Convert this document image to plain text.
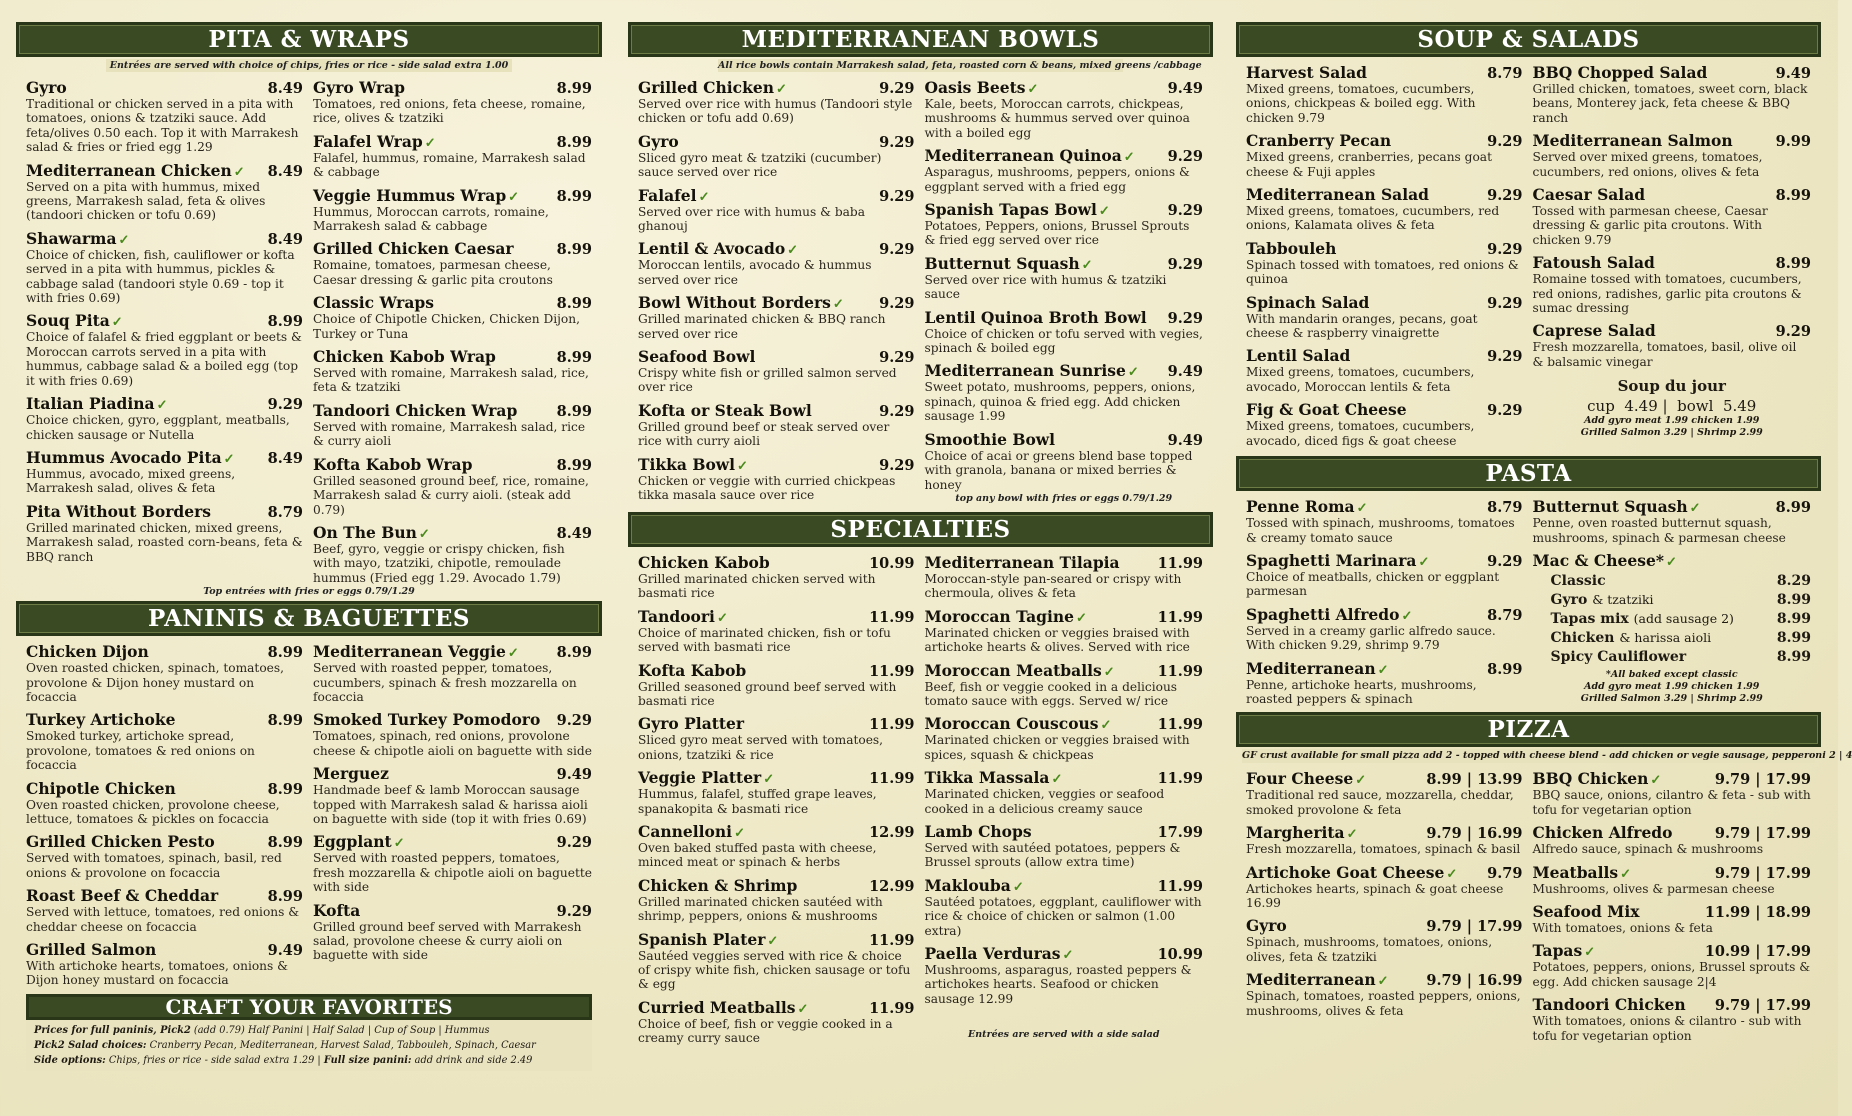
PITA & WRAPS
Entrées are served with choice of chips, fries or rice - side salad extra 1.00
Gyro	8.49
Traditional or chicken served in a pita with tomatoes, onions & tzatziki sauce. Add feta/olives 0.50 each. Top it with Marrakesh salad & fries or fried egg 1.29
Mediterranean Chicken ✓	8.49
Served on a pita with hummus, mixed greens, Marrakesh salad, feta & olives (tandoori chicken or tofu 0.69)
Shawarma ✓	8.49
Choice of chicken, fish, cauliflower or kofta served in a pita with hummus, pickles & cabbage salad (tandoori style 0.69 - top it with fries 0.69)
Souq Pita ✓	8.99
Choice of falafel & fried eggplant or beets & Moroccan carrots served in a pita with hummus, cabbage salad & a boiled egg (top it with fries 0.69)
Italian Piadina ✓	9.29
Choice chicken, gyro, eggplant, meatballs, chicken sausage or Nutella
Hummus Avocado Pita ✓	8.49
Hummus, avocado, mixed greens, Marrakesh salad, olives & feta
Pita Without Borders	8.79
Grilled marinated chicken, mixed greens, Marrakesh salad, roasted corn-beans, feta & BBQ ranch
Gyro Wrap	8.99
Tomatoes, red onions, feta cheese, romaine, rice, olives & tzatziki
Falafel Wrap ✓	8.99
Falafel, hummus, romaine, Marrakesh salad & cabbage
Veggie Hummus Wrap ✓	8.99
Hummus, Moroccan carrots, romaine, Marrakesh salad & cabbage
Grilled Chicken Caesar	8.99
Romaine, tomatoes, parmesan cheese, Caesar dressing & garlic pita croutons
Classic Wraps	8.99
Choice of Chipotle Chicken, Chicken Dijon, Turkey or Tuna
Chicken Kabob Wrap	8.99
Served with romaine, Marrakesh salad, rice, feta & tzatziki
Tandoori Chicken Wrap	8.99
Served with romaine, Marrakesh salad, rice & curry aioli
Kofta Kabob Wrap	8.99
Grilled seasoned ground beef, rice, romaine, Marrakesh salad & curry aioli. (steak add 0.79)
On The Bun ✓	8.49
Beef, gyro, veggie or crispy chicken, fish with mayo, tzatziki, chipotle, remoulade hummus (Fried egg 1.29. Avocado 1.79)
Top entrées with fries or eggs 0.79/1.29
PANINIS & BAGUETTES
Chicken Dijon	8.99
Oven roasted chicken, spinach, tomatoes, provolone & Dijon honey mustard on focaccia
Turkey Artichoke	8.99
Smoked turkey, artichoke spread, provolone, tomatoes & red onions on focaccia
Chipotle Chicken	8.99
Oven roasted chicken, provolone cheese, lettuce, tomatoes & pickles on focaccia
Grilled Chicken Pesto	8.99
Served with tomatoes, spinach, basil, red onions & provolone on focaccia
Roast Beef & Cheddar	8.99
Served with lettuce, tomatoes, red onions & cheddar cheese on focaccia
Grilled Salmon	9.49
With artichoke hearts, tomatoes, onions & Dijon honey mustard on focaccia
Mediterranean Veggie ✓	8.99
Served with roasted pepper, tomatoes, cucumbers, spinach & fresh mozzarella on focaccia
Smoked Turkey Pomodoro	9.29
Tomatoes, spinach, red onions, provolone cheese & chipotle aioli on baguette with side
Merguez	9.49
Handmade beef & lamb Moroccan sausage topped with Marrakesh salad & harissa aioli on baguette with side (top it with fries 0.69)
Eggplant ✓	9.29
Served with roasted peppers, tomatoes, fresh mozzarella & chipotle aioli on baguette with side
Kofta	9.29
Grilled ground beef served with Marrakesh salad, provolone cheese & curry aioli on baguette with side
CRAFT YOUR FAVORITES
Prices for full paninis, Pick2 (add 0.79) Half Panini | Half Salad | Cup of Soup | Hummus
Pick2 Salad choices: Cranberry Pecan, Mediterranean, Harvest Salad, Tabbouleh, Spinach, Caesar
Side options: Chips, fries or rice - side salad extra 1.29 | Full size panini: add drink and side 2.49
MEDITERRANEAN BOWLS
All rice bowls contain Marrakesh salad, feta, roasted corn & beans, mixed greens /cabbage
Grilled Chicken ✓	9.29
Served over rice with humus (Tandoori style chicken or tofu add 0.69)
Gyro	9.29
Sliced gyro meat & tzatziki (cucumber) sauce served over rice
Falafel ✓	9.29
Served over rice with humus & baba ghanouj
Lentil & Avocado ✓	9.29
Moroccan lentils, avocado & hummus served over rice
Bowl Without Borders ✓	9.29
Grilled marinated chicken & BBQ ranch served over rice
Seafood Bowl	9.29
Crispy white fish or grilled salmon served over rice
Kofta or Steak Bowl	9.29
Grilled ground beef or steak served over rice with curry aioli
Tikka Bowl ✓	9.29
Chicken or veggie with curried chickpeas tikka masala sauce over rice
Oasis Beets ✓	9.49
Kale, beets, Moroccan carrots, chickpeas, mushrooms & hummus served over quinoa with a boiled egg
Mediterranean Quinoa ✓	9.29
Asparagus, mushrooms, peppers, onions & eggplant served with a fried egg
Spanish Tapas Bowl ✓	9.29
Potatoes, Peppers, onions, Brussel Sprouts & fried egg served over rice
Butternut Squash ✓	9.29
Served over rice with humus & tzatziki sauce
Lentil Quinoa Broth Bowl	9.29
Choice of chicken or tofu served with vegies, spinach & boiled egg
Mediterranean Sunrise ✓	9.49
Sweet potato, mushrooms, peppers, onions, spinach, quinoa & fried egg. Add chicken sausage 1.99
Smoothie Bowl	9.49
Choice of acai or greens blend base topped with granola, banana or mixed berries & honey
top any bowl with fries or eggs 0.79/1.29
SPECIALTIES
Chicken Kabob	10.99
Grilled marinated chicken served with basmati rice
Tandoori ✓	11.99
Choice of marinated chicken, fish or tofu served with basmati rice
Kofta Kabob	11.99
Grilled seasoned ground beef served with basmati rice
Gyro Platter	11.99
Sliced gyro meat served with tomatoes, onions, tzatziki & rice
Veggie Platter ✓	11.99
Hummus, falafel, stuffed grape leaves, spanakopita & basmati rice
Cannelloni ✓	12.99
Oven baked stuffed pasta with cheese, minced meat or spinach & herbs
Chicken & Shrimp	12.99
Grilled marinated chicken sautéed with shrimp, peppers, onions & mushrooms
Spanish Plater ✓	11.99
Sautéed veggies served with rice & choice of crispy white fish, chicken sausage or tofu & egg
Curried Meatballs ✓	11.99
Choice of beef, fish or veggie cooked in a creamy curry sauce
Mediterranean Tilapia	11.99
Moroccan-style pan-seared or crispy with chermoula, olives & feta
Moroccan Tagine ✓	11.99
Marinated chicken or veggies braised with artichoke hearts & olives. Served with rice
Moroccan Meatballs ✓	11.99
Beef, fish or veggie cooked in a delicious tomato sauce with eggs. Served w/ rice
Moroccan Couscous ✓	11.99
Marinated chicken or veggies braised with spices, squash & chickpeas
Tikka Massala ✓	11.99
Marinated chicken, veggies or seafood cooked in a delicious creamy sauce
Lamb Chops	17.99
Served with sautéed potatoes, peppers & Brussel sprouts (allow extra time)
Maklouba ✓	11.99
Sautéed potatoes, eggplant, cauliflower with rice & choice of chicken or salmon (1.00 extra)
Paella Verduras ✓	10.99
Mushrooms, asparagus, roasted peppers & artichokes hearts. Seafood or chicken sausage 12.99
Entrées are served with a side salad
SOUP & SALADS
Harvest Salad	8.79
Mixed greens, tomatoes, cucumbers, onions, chickpeas & boiled egg. With chicken 9.79
Cranberry Pecan	9.29
Mixed greens, cranberries, pecans goat cheese & Fuji apples
Mediterranean Salad	9.29
Mixed greens, tomatoes, cucumbers, red onions, Kalamata olives & feta
Tabbouleh	9.29
Spinach tossed with tomatoes, red onions & quinoa
Spinach Salad	9.29
With mandarin oranges, pecans, goat cheese & raspberry vinaigrette
Lentil Salad	9.29
Mixed greens, tomatoes, cucumbers, avocado, Moroccan lentils & feta
Fig & Goat Cheese	9.29
Mixed greens, tomatoes, cucumbers, avocado, diced figs & goat cheese
BBQ Chopped Salad	9.49
Grilled chicken, tomatoes, sweet corn, black beans, Monterey jack, feta cheese & BBQ ranch
Mediterranean Salmon	9.99
Served over mixed greens, tomatoes, cucumbers, red onions, olives & feta
Caesar Salad	8.99
Tossed with parmesan cheese, Caesar dressing & garlic pita croutons. With chicken 9.79
Fatoush Salad	8.99
Romaine tossed with tomatoes, cucumbers, red onions, radishes, garlic pita croutons & sumac dressing
Caprese Salad	9.29
Fresh mozzarella, tomatoes, basil, olive oil & balsamic vinegar
Soup du jour
cup 4.49 |  bowl 5.49
Add gyro meat 1.99 chicken 1.99
Grilled Salmon 3.29 | Shrimp 2.99
PASTA
Penne Roma ✓	8.79
Tossed with spinach, mushrooms, tomatoes & creamy tomato sauce
Spaghetti Marinara ✓	9.29
Choice of meatballs, chicken or eggplant parmesan
Spaghetti Alfredo ✓	8.79
Served in a creamy garlic alfredo sauce. With chicken 9.29, shrimp 9.79
Mediterranean ✓	8.99
Penne, artichoke hearts, mushrooms, roasted peppers & spinach
Butternut Squash ✓	8.99
Penne, oven roasted butternut squash, mushrooms, spinach & parmesan cheese
Mac & Cheese* ✓
Classic	8.29
Gyro & tzatziki	8.99
Tapas mix (add sausage 2)	8.99
Chicken & harissa aioli	8.99
Spicy Cauliflower	8.99
*All baked except classic
Add gyro meat 1.99 chicken 1.99
Grilled Salmon 3.29 | Shrimp 2.99
PIZZA
GF crust available for small pizza add 2 - topped with cheese blend - add chicken or vegie sausage, pepperoni 2 | 4
Four Cheese ✓	8.99 | 13.99
Traditional red sauce, mozzarella, cheddar, smoked provolone & feta
Margherita ✓	9.79 | 16.99
Fresh mozzarella, tomatoes, spinach & basil
Artichoke Goat Cheese ✓	9.79
Artichokes hearts, spinach & goat cheese 16.99
Gyro	9.79 | 17.99
Spinach, mushrooms, tomatoes, onions, olives, feta & tzatziki
Mediterranean ✓	9.79 | 16.99
Spinach, tomatoes, roasted peppers, onions, mushrooms, olives & feta
BBQ Chicken ✓	9.79 | 17.99
BBQ sauce, onions, cilantro & feta - sub with tofu for vegetarian option
Chicken Alfredo	9.79 | 17.99
Alfredo sauce, spinach & mushrooms
Meatballs ✓	9.79 | 17.99
Mushrooms, olives & parmesan cheese
Seafood Mix	11.99 | 18.99
With tomatoes, onions & feta
Tapas ✓	10.99 | 17.99
Potatoes, peppers, onions, Brussel sprouts & egg. Add chicken sausage 2|4
Tandoori Chicken	9.79 | 17.99
With tomatoes, onions & cilantro - sub with tofu for vegetarian option
